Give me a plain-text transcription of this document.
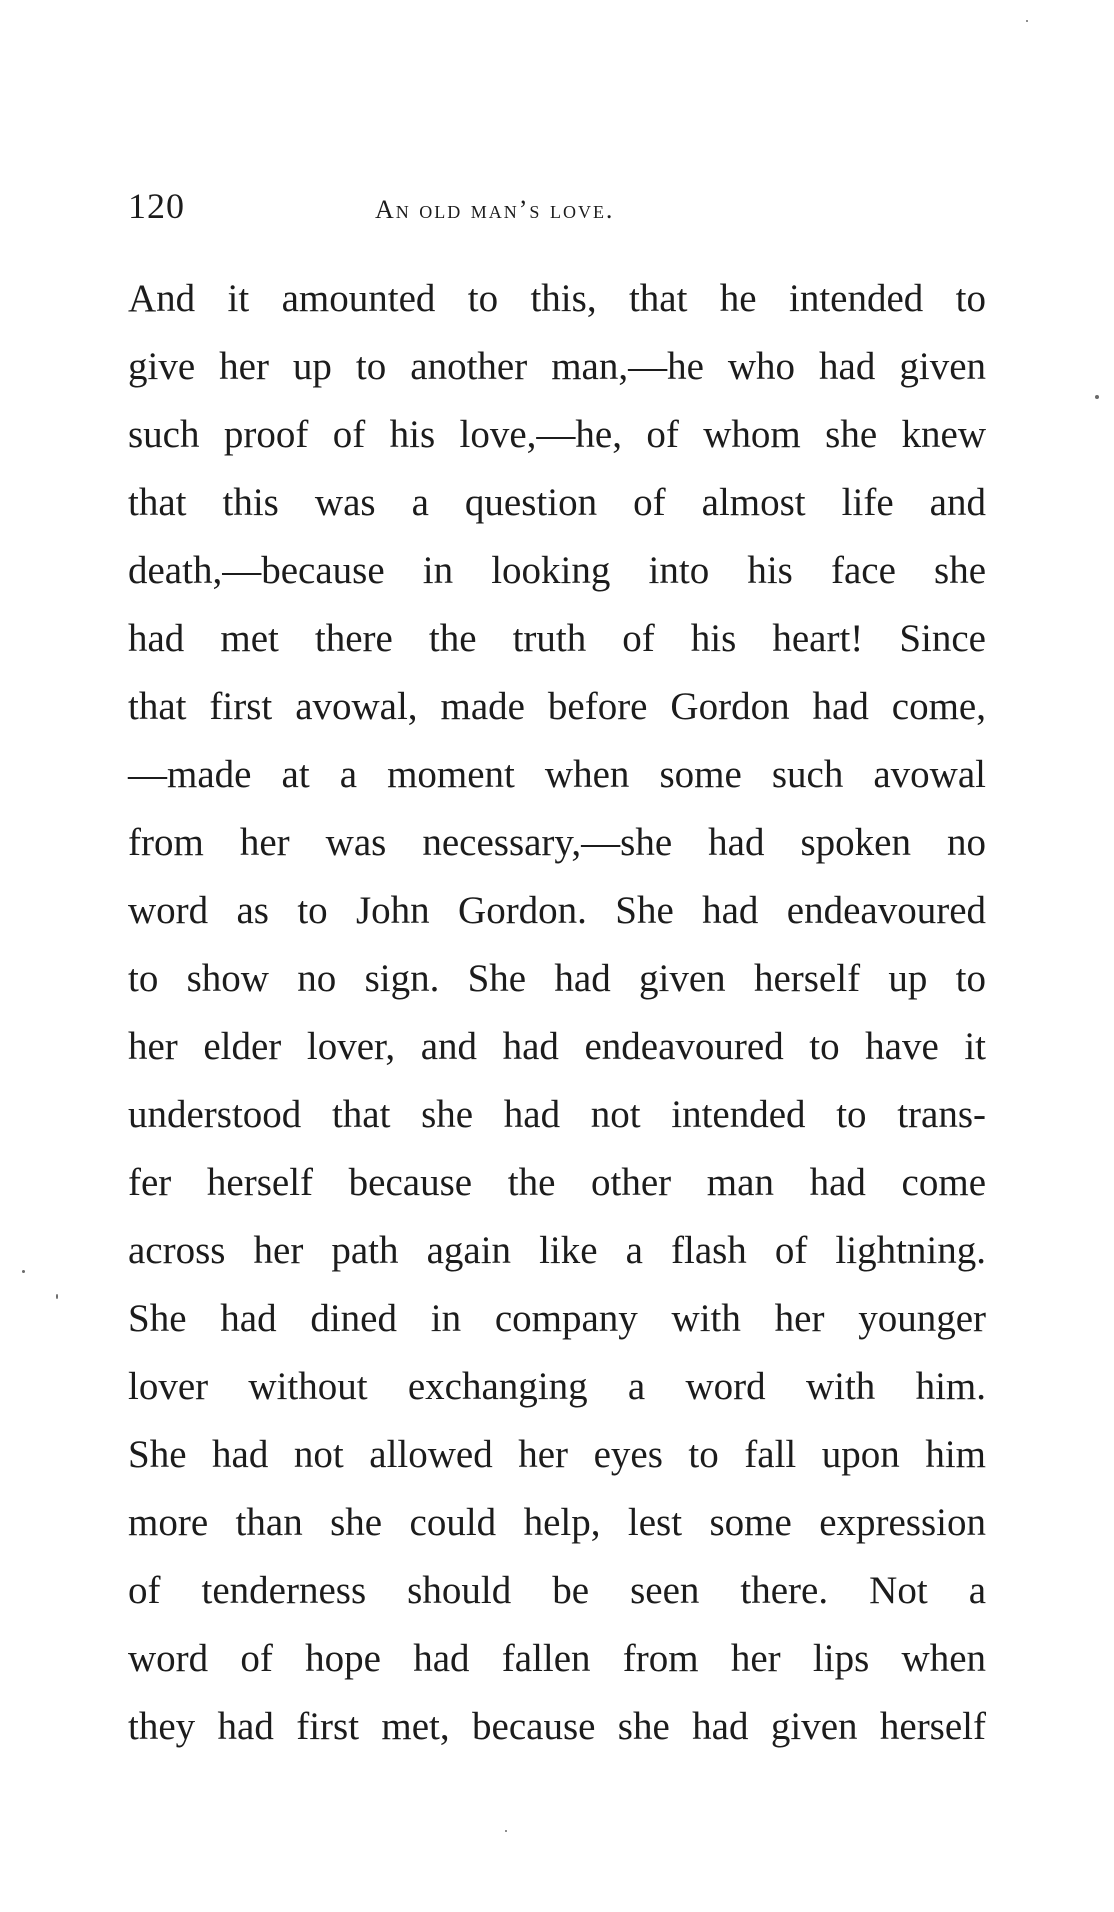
120	an old man’s love.
And it amounted to this, that he intended to
give her up to another man,—he who had given
such proof of his love,—he, of whom she knew
that this was a question of almost life and
death,—because in looking into his face she
had met there the truth of his heart! Since
that first avowal, made before Gordon had come,
—made at a moment when some such avowal
from her was necessary,—she had spoken no
word as to John Gordon. She had endeavoured
to show no sign. She had given herself up to
her elder lover, and had endeavoured to have it
understood that she had not intended to trans-
fer herself because the other man had come
across her path again like a flash of lightning.
She had dined in company with her younger
lover without exchanging a word with him.
She had not allowed her eyes to fall upon him
more than she could help, lest some expression
of tenderness should be seen there. Not a
word of hope had fallen from her lips when
they had first met, because she had given herself
